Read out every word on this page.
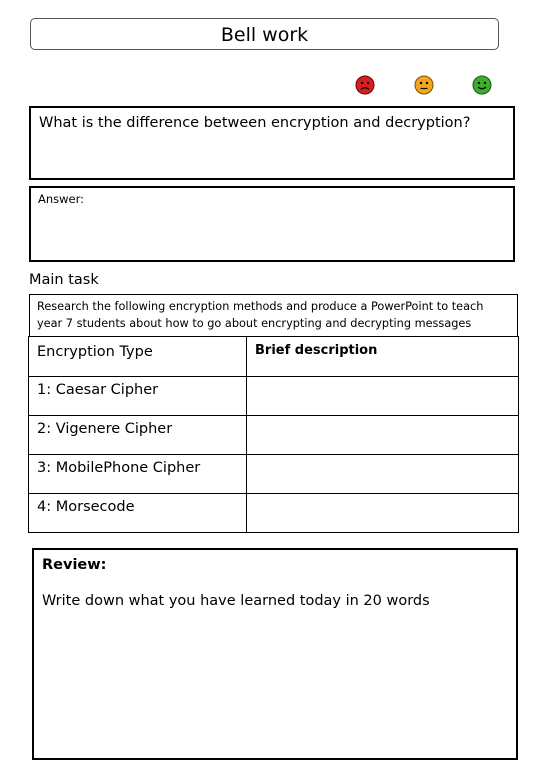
Bell work
What is the difference between encryption and decryption?
Answer:
Main task
Research the following encryption methods and produce a PowerPoint to teach year 7 students about how to go about encrypting and decrypting messages
Encryption Type	Brief description
1: Caesar Cipher	
2: Vigenere Cipher	
3: MobilePhone Cipher	
4: Morsecode	
Review:
Write down what you have learned today in 20 words
